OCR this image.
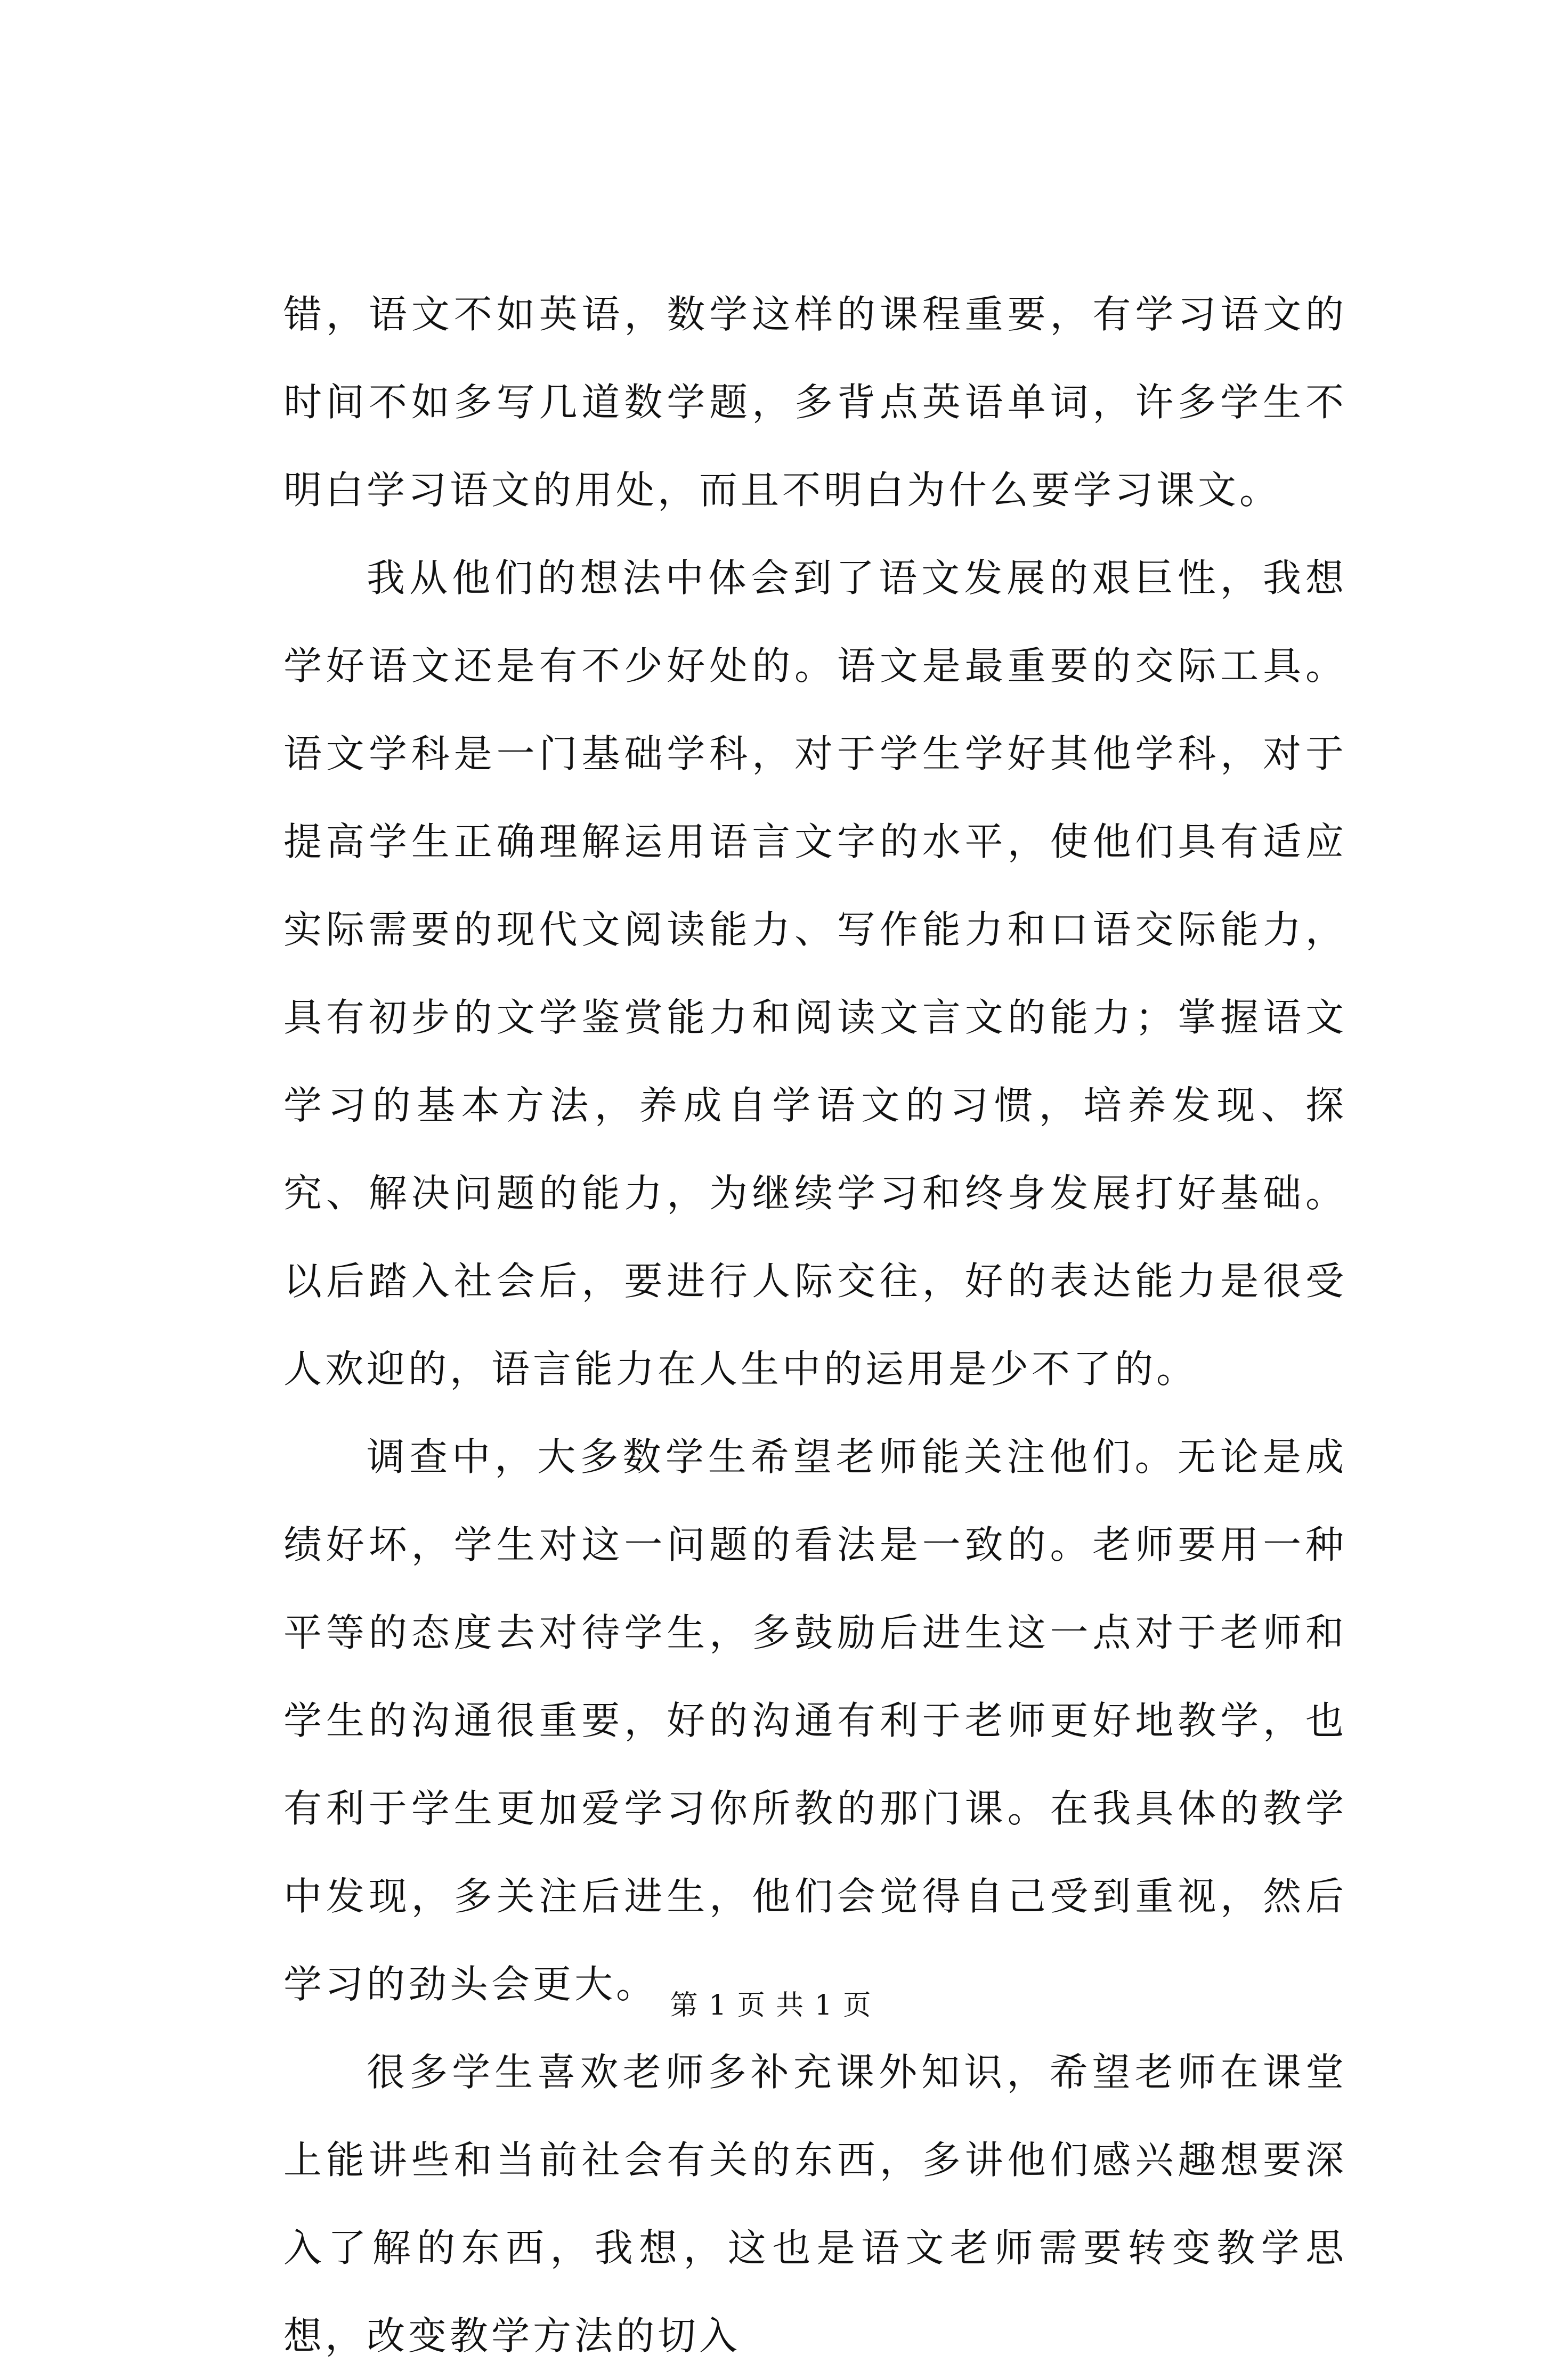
错，语文不如英语，数学这样的课程重要，有学习语文的时间不如多写几道数学题，多背点英语单词，许多学生不明白学习语文的用处，而且不明白为什么要学习课文。

我从他们的想法中体会到了语文发展的艰巨性，我想学好语文还是有不少好处的。语文是最重要的交际工具。语文学科是一门基础学科，对于学生学好其他学科，对于提高学生正确理解运用语言文字的水平，使他们具有适应实际需要的现代文阅读能力、写作能力和口语交际能力，具有初步的文学鉴赏能力和阅读文言文的能力；掌握语文学习的基本方法，养成自学语文的习惯，培养发现、探究、解决问题的能力，为继续学习和终身发展打好基础。以后踏入社会后，要进行人际交往，好的表达能力是很受人欢迎的，语言能力在人生中的运用是少不了的。

调查中，大多数学生希望老师能关注他们。无论是成绩好坏，学生对这一问题的看法是一致的。老师要用一种平等的态度去对待学生，多鼓励后进生这一点对于老师和学生的沟通很重要，好的沟通有利于老师更好地教学，也有利于学生更加爱学习你所教的那门课。在我具体的教学中发现，多关注后进生，他们会觉得自己受到重视，然后学习的劲头会更大。

很多学生喜欢老师多补充课外知识，希望老师在课堂上能讲些和当前社会有关的东西，多讲他们感兴趣想要深入了解的东西，我想，这也是语文老师需要转变教学思想，改变教学方法的切入

第 1 页 共 1 页
